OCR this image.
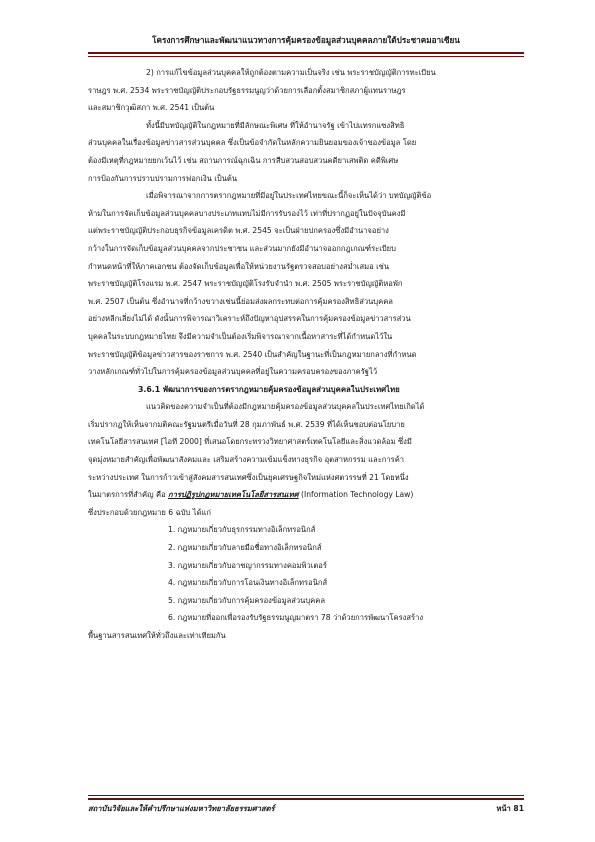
โครงการศึกษาและพัฒนาแนวทางการคุ้มครองข้อมูลส่วนบุคคลภายใต้ประชาคมอาเซียน
2) การแก้ไขข้อมูลส่วนบุคคลให้ถูกต้องตามความเป็นจริง เช่น พระราชบัญญัติการทะเบียน
ราษฎร พ.ศ. 2534 พระราชบัญญัติประกอบรัฐธรรมนูญว่าด้วยการเลือกตั้งสมาชิกสภาผู้แทนราษฎร
และสมาชิกวุฒิสภา พ.ศ. 2541 เป็นต้น
ทั้งนี้มีบทบัญญัติในกฎหมายที่มีลักษณะพิเศษ ที่ให้อำนาจรัฐ เข้าไปแทรกแซงสิทธิ
ส่วนบุคคลในเรื่องข้อมูลข่าวสารส่วนบุคคล ซึ่งเป็นข้อจำกัดในหลักความยินยอมของเจ้าของข้อมูล โดย
ต้องมีเหตุที่กฎหมายยกเว้นไว้ เช่น สถานการณ์ฉุกเฉิน การสืบสวนสอบสวนคดียาเสพติด คดีพิเศษ
การป้องกันการปราบปรามการฟอกเงิน เป็นต้น
เมื่อพิจารณาจากการตรากฎหมายที่มีอยู่ในประเทศไทยขณะนี้ก็จะเห็นได้ว่า บทบัญญัติข้อ
ห้ามในการจัดเก็บข้อมูลส่วนบุคคลบางประเภทแทบไม่มีการรับรองไว้ เท่าที่ปรากฏอยู่ในปัจจุบันคงมี
แต่พระราชบัญญัติประกอบธุรกิจข้อมูลเครดิต พ.ศ. 2545 จะเป็นฝ่ายปกครองซึ่งมีอำนาจอย่าง
กว้างในการจัดเก็บข้อมูลส่วนบุคคลจากประชาชน และส่วนมากยังมีอำนาจออกกฎเกณฑ์ระเบียบ
กำหนดหน้าที่ให้ภาคเอกชน ต้องจัดเก็บข้อมูลเพื่อให้หน่วยงานรัฐตรวจสอบอย่างสม่ำเสมอ เช่น
พระราชบัญญัติโรงแรม พ.ศ. 2547 พระราชบัญญัติโรงรับจำนำ พ.ศ. 2505 พระราชบัญญัติหอพัก
พ.ศ. 2507 เป็นต้น ซึ่งอำนาจที่กว้างขวางเช่นนี้ย่อมส่งผลกระทบต่อการคุ้มครองสิทธิส่วนบุคคล
อย่างหลีกเลี่ยงไม่ได้ ดังนั้นการพิจารณาวิเคราะห์ถึงปัญหาอุปสรรคในการคุ้มครองข้อมูลข่าวสารส่วน
บุคคลในระบบกฎหมายไทย จึงมีความจำเป็นต้องเริ่มพิจารณาจากเนื้อหาสาระที่ได้กำหนดไว้ใน
พระราชบัญญัติข้อมูลข่าวสารของราชการ พ.ศ. 2540 เป็นสำคัญในฐานะที่เป็นกฎหมายกลางที่กำหนด
วางหลักเกณฑ์ทั่วไปในการคุ้มครองข้อมูลส่วนบุคคลที่อยู่ในความครอบครองของภาครัฐไว้
3.6.1 พัฒนาการของการตรากฎหมายคุ้มครองข้อมูลส่วนบุคคลในประเทศไทย
แนวคิดของความจำเป็นที่ต้องมีกฎหมายคุ้มครองข้อมูลส่วนบุคคลในประเทศไทยเกิดได้
เริ่มปรากฏให้เห็นจากมติคณะรัฐมนตรีเมื่อวันที่ 28 กุมภาพันธ์ พ.ศ. 2539 ที่ได้เห็นชอบต่อนโยบาย
เทคโนโลยีสารสนเทศ [ไอที 2000] ที่เสนอโดยกระทรวงวิทยาศาสตร์เทคโนโลยีและสิ่งแวดล้อม ซึ่งมี
จุดมุ่งหมายสำคัญเพื่อพัฒนาสังคมและ เสริมสร้างความเข้มแข็งทางธุรกิจ อุตสาหกรรม และการค้า
ระหว่างประเทศ ในการก้าวเข้าสู่สังคมสารสนเทศซึ่งเป็นยุคเศรษฐกิจใหม่แห่งศตวรรษที่ 21 โดยหนึ่ง
ในมาตรการที่สำคัญ คือ การปฏิรูปกฎหมายเทคโนโลยีสารสนเทศ (Information Technology Law)
ซึ่งประกอบด้วยกฎหมาย 6 ฉบับ ได้แก่
1. กฎหมายเกี่ยวกับธุรกรรมทางอิเล็กทรอนิกส์
2. กฎหมายเกี่ยวกับลายมือชื่อทางอิเล็กทรอนิกส์
3. กฎหมายเกี่ยวกับอาชญากรรมทางคอมพิวเตอร์
4. กฎหมายเกี่ยวกับการโอนเงินทางอิเล็กทรอนิกส์
5. กฎหมายเกี่ยวกับการคุ้มครองข้อมูลส่วนบุคคล
6. กฎหมายที่ออกเพื่อรองรับรัฐธรรมนูญมาตรา 78 ว่าด้วยการพัฒนาโครงสร้าง
พื้นฐานสารสนเทศให้ทั่วถึงและเท่าเทียมกัน
สถาบันวิจัยและให้คำปรึกษาแห่งมหาวิทยาลัยธรรมศาสตร์	หน้า 81
